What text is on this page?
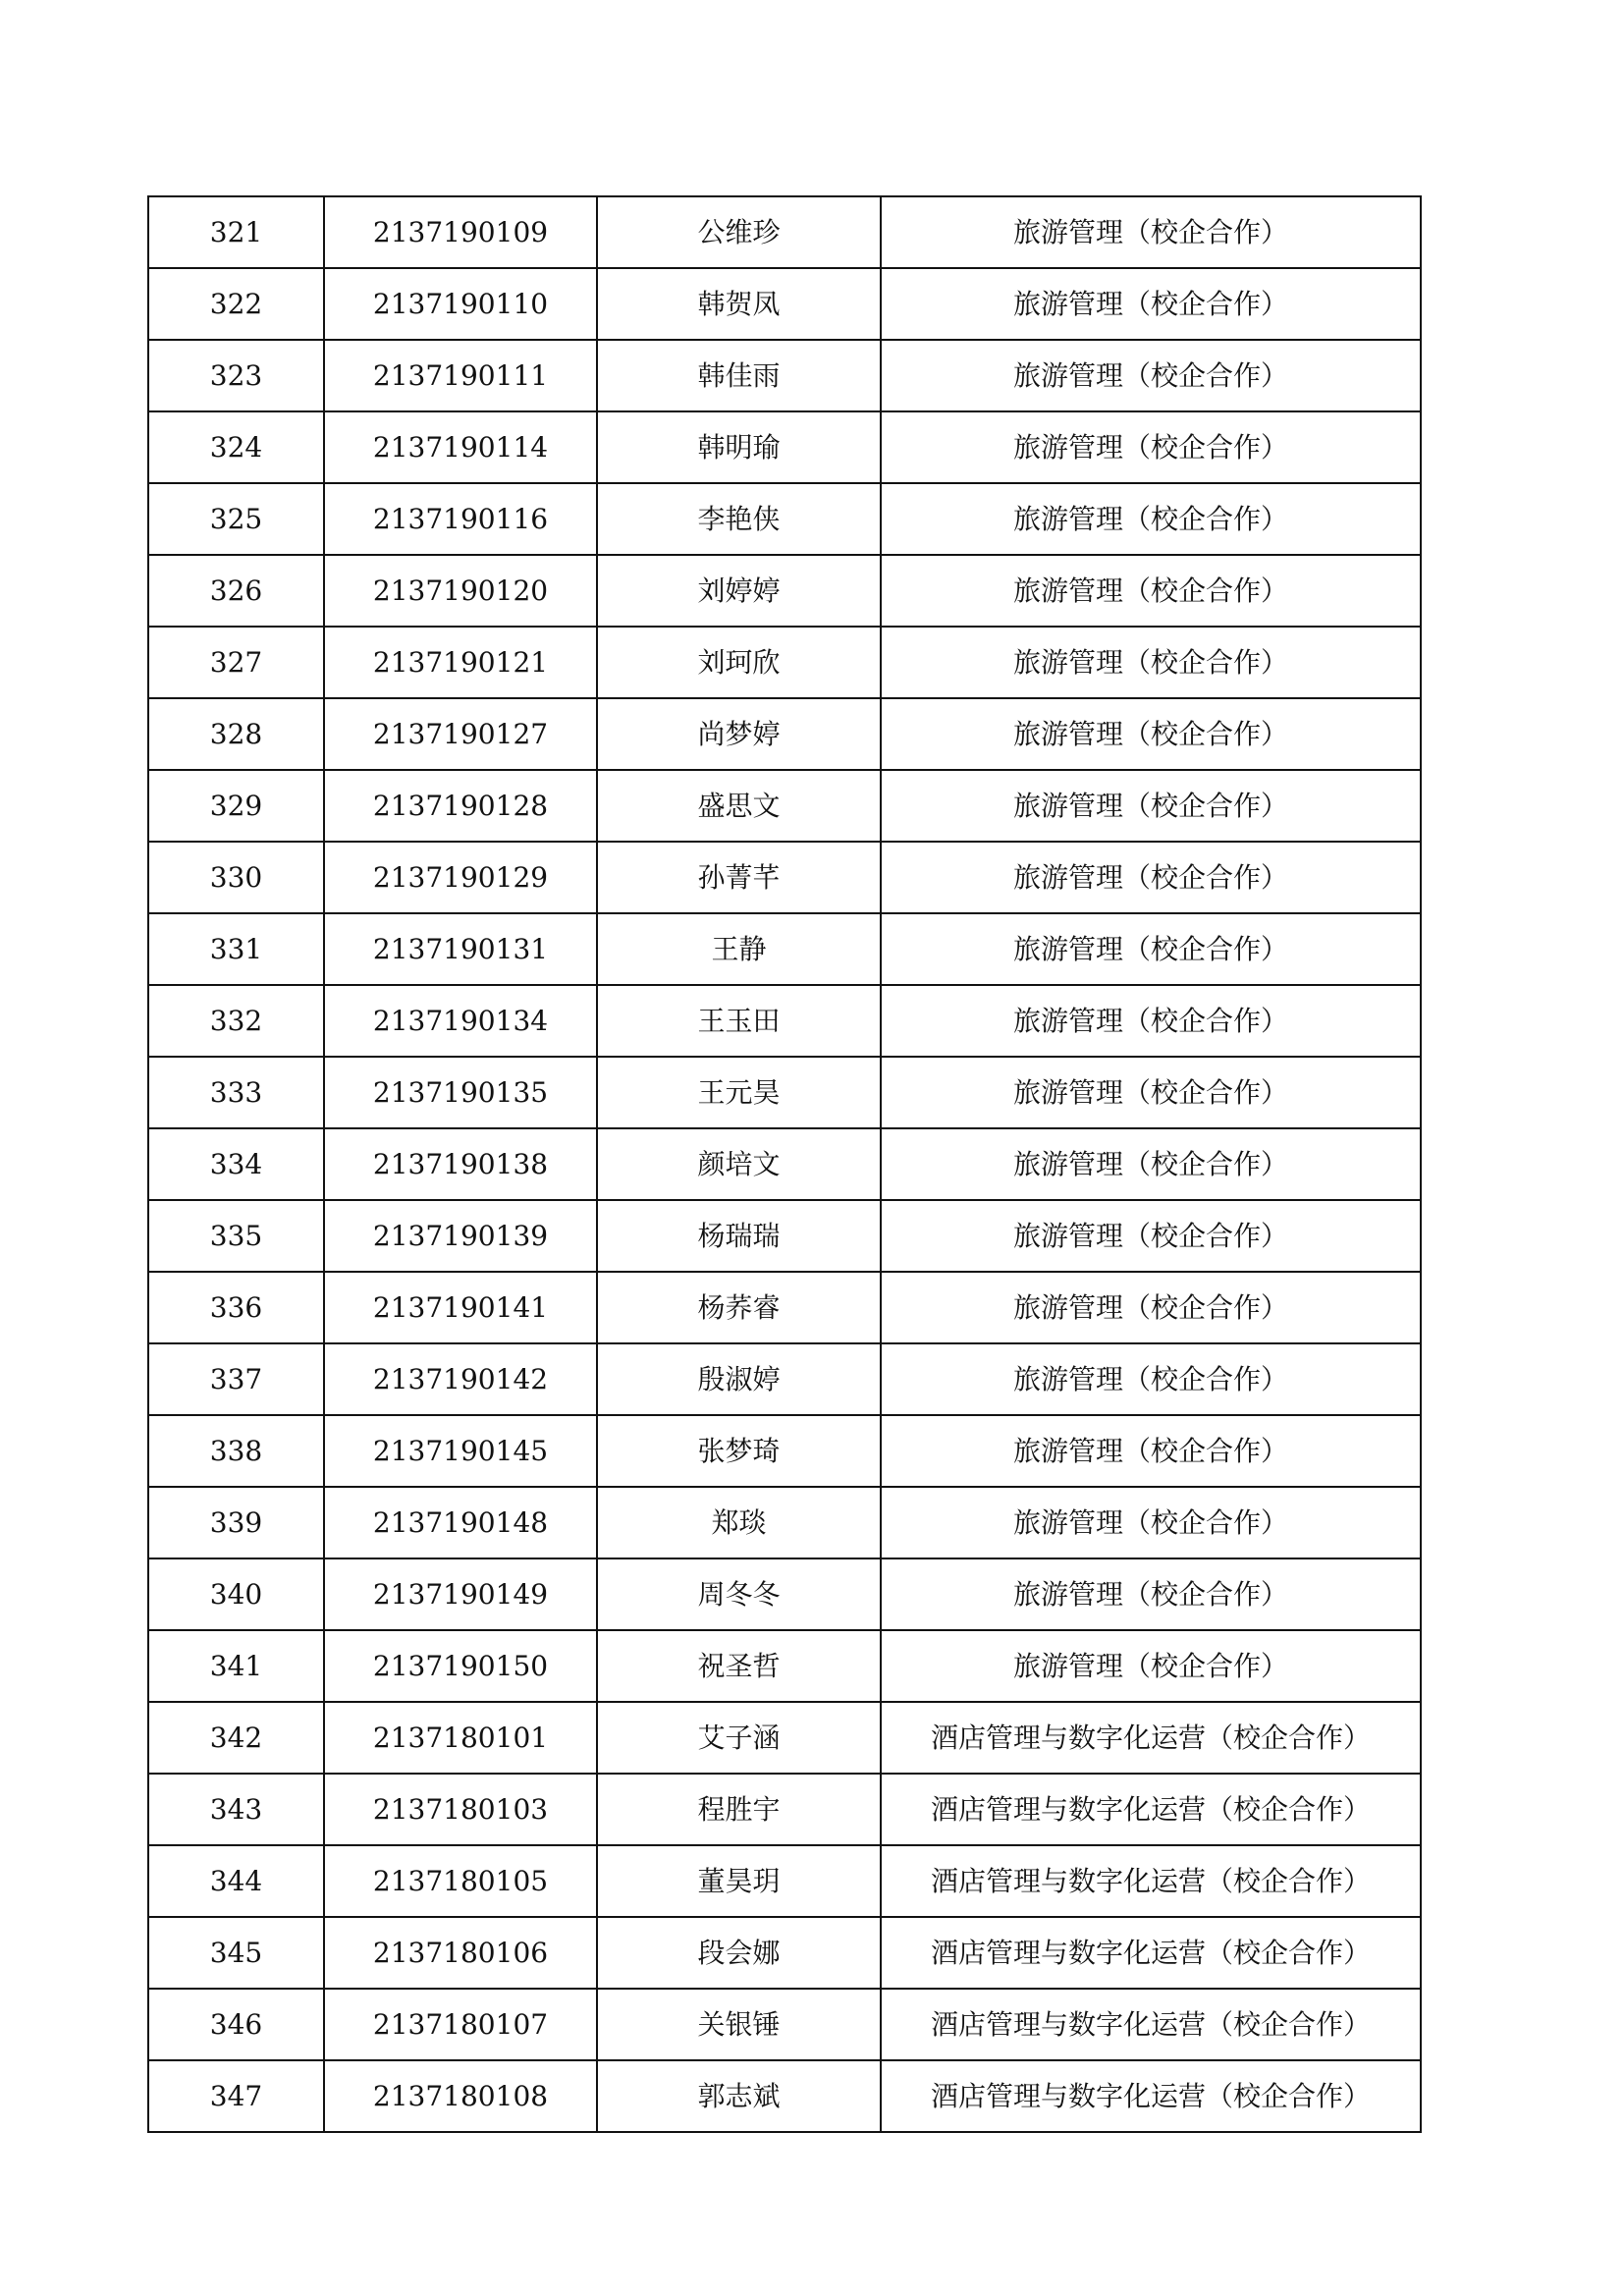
321	2137190109	公维珍	旅游管理（校企合作）
322	2137190110	韩贺凤	旅游管理（校企合作）
323	2137190111	韩佳雨	旅游管理（校企合作）
324	2137190114	韩明瑜	旅游管理（校企合作）
325	2137190116	李艳侠	旅游管理（校企合作）
326	2137190120	刘婷婷	旅游管理（校企合作）
327	2137190121	刘珂欣	旅游管理（校企合作）
328	2137190127	尚梦婷	旅游管理（校企合作）
329	2137190128	盛思文	旅游管理（校企合作）
330	2137190129	孙菁芊	旅游管理（校企合作）
331	2137190131	王静	旅游管理（校企合作）
332	2137190134	王玉田	旅游管理（校企合作）
333	2137190135	王元昊	旅游管理（校企合作）
334	2137190138	颜培文	旅游管理（校企合作）
335	2137190139	杨瑞瑞	旅游管理（校企合作）
336	2137190141	杨荞睿	旅游管理（校企合作）
337	2137190142	殷淑婷	旅游管理（校企合作）
338	2137190145	张梦琦	旅游管理（校企合作）
339	2137190148	郑琰	旅游管理（校企合作）
340	2137190149	周冬冬	旅游管理（校企合作）
341	2137190150	祝圣哲	旅游管理（校企合作）
342	2137180101	艾子涵	酒店管理与数字化运营（校企合作）
343	2137180103	程胜宇	酒店管理与数字化运营（校企合作）
344	2137180105	董昊玥	酒店管理与数字化运营（校企合作）
345	2137180106	段会娜	酒店管理与数字化运营（校企合作）
346	2137180107	关银锤	酒店管理与数字化运营（校企合作）
347	2137180108	郭志斌	酒店管理与数字化运营（校企合作）
